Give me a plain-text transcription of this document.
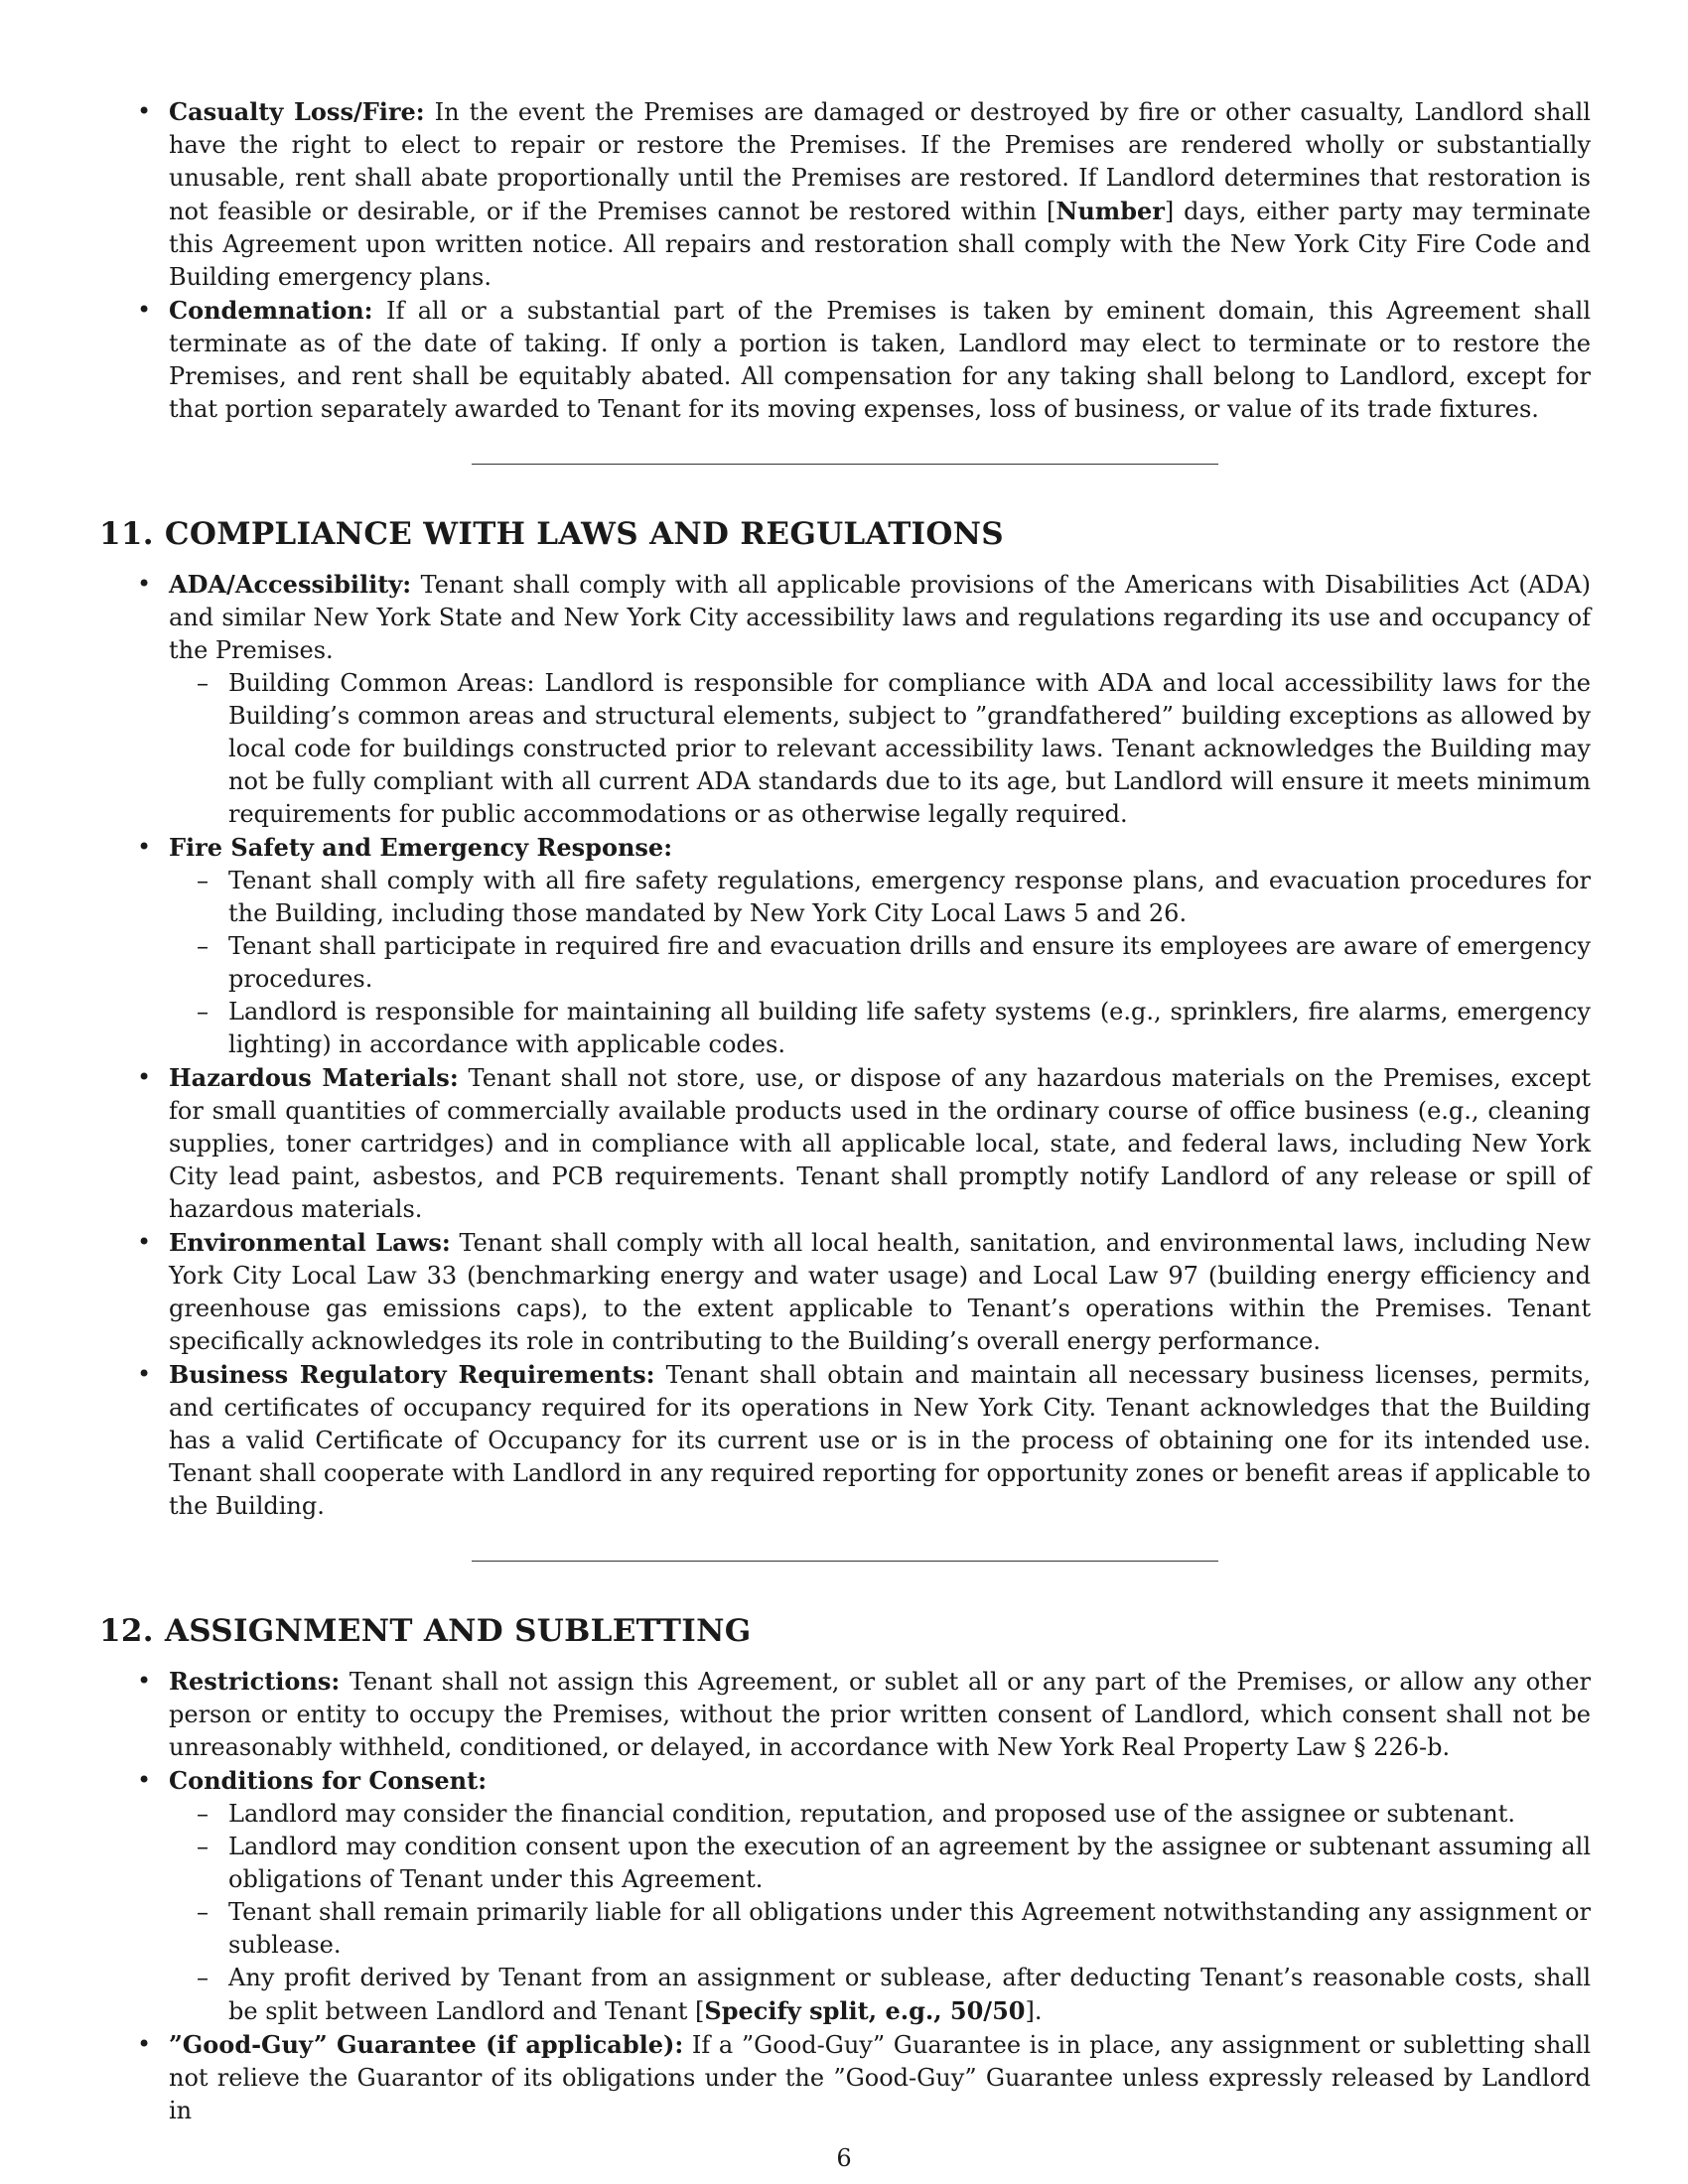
• Casualty Loss/Fire: In the event the Premises are damaged or destroyed by fire or other casualty, Landlord shall have the right to elect to repair or restore the Premises. If the Premises are rendered wholly or substantially unusable, rent shall abate proportionally until the Premises are restored. If Landlord determines that restoration is not feasible or desirable, or if the Premises cannot be restored within [Number] days, either party may terminate this Agreement upon written notice. All repairs and restoration shall comply with the New York City Fire Code and Building emergency plans.
• Condemnation: If all or a substantial part of the Premises is taken by eminent domain, this Agreement shall terminate as of the date of taking. If only a portion is taken, Landlord may elect to terminate or to restore the Premises, and rent shall be equitably abated. All compensation for any taking shall belong to Landlord, except for that portion separately awarded to Tenant for its moving expenses, loss of business, or value of its trade fixtures.
11. COMPLIANCE WITH LAWS AND REGULATIONS
• ADA/Accessibility: Tenant shall comply with all applicable provisions of the Americans with Disabilities Act (ADA) and similar New York State and New York City accessibility laws and regulations regarding its use and occupancy of the Premises.
– Building Common Areas: Landlord is responsible for compliance with ADA and local accessibility laws for the Building’s common areas and structural elements, subject to ”grandfathered” building exceptions as allowed by local code for buildings constructed prior to relevant accessibility laws. Tenant acknowledges the Building may not be fully compliant with all current ADA standards due to its age, but Landlord will ensure it meets minimum requirements for public accommodations or as otherwise legally required.
• Fire Safety and Emergency Response:
– Tenant shall comply with all fire safety regulations, emergency response plans, and evacuation procedures for the Building, including those mandated by New York City Local Laws 5 and 26.
– Tenant shall participate in required fire and evacuation drills and ensure its employees are aware of emergency procedures.
– Landlord is responsible for maintaining all building life safety systems (e.g., sprinklers, fire alarms, emergency lighting) in accordance with applicable codes.
• Hazardous Materials: Tenant shall not store, use, or dispose of any hazardous materials on the Premises, except for small quantities of commercially available products used in the ordinary course of office business (e.g., cleaning supplies, toner cartridges) and in compliance with all applicable local, state, and federal laws, including New York City lead paint, asbestos, and PCB requirements. Tenant shall promptly notify Landlord of any release or spill of hazardous materials.
• Environmental Laws: Tenant shall comply with all local health, sanitation, and environmental laws, including New York City Local Law 33 (benchmarking energy and water usage) and Local Law 97 (building energy efficiency and greenhouse gas emissions caps), to the extent applicable to Tenant’s operations within the Premises. Tenant specifically acknowledges its role in contributing to the Building’s overall energy performance.
• Business Regulatory Requirements: Tenant shall obtain and maintain all necessary business licenses, permits, and certificates of occupancy required for its operations in New York City. Tenant acknowledges that the Building has a valid Certificate of Occupancy for its current use or is in the process of obtaining one for its intended use. Tenant shall cooperate with Landlord in any required reporting for opportunity zones or benefit areas if applicable to the Building.
12. ASSIGNMENT AND SUBLETTING
• Restrictions: Tenant shall not assign this Agreement, or sublet all or any part of the Premises, or allow any other person or entity to occupy the Premises, without the prior written consent of Landlord, which consent shall not be unreasonably withheld, conditioned, or delayed, in accordance with New York Real Property Law § 226-b.
• Conditions for Consent:
– Landlord may consider the financial condition, reputation, and proposed use of the assignee or subtenant.
– Landlord may condition consent upon the execution of an agreement by the assignee or subtenant assuming all obligations of Tenant under this Agreement.
– Tenant shall remain primarily liable for all obligations under this Agreement notwithstanding any assignment or sublease.
– Any profit derived by Tenant from an assignment or sublease, after deducting Tenant’s reasonable costs, shall be split between Landlord and Tenant [Specify split, e.g., 50/50].
• ”Good-Guy” Guarantee (if applicable): If a ”Good-Guy” Guarantee is in place, any assignment or subletting shall not relieve the Guarantor of its obligations under the ”Good-Guy” Guarantee unless expressly released by Landlord in
6
